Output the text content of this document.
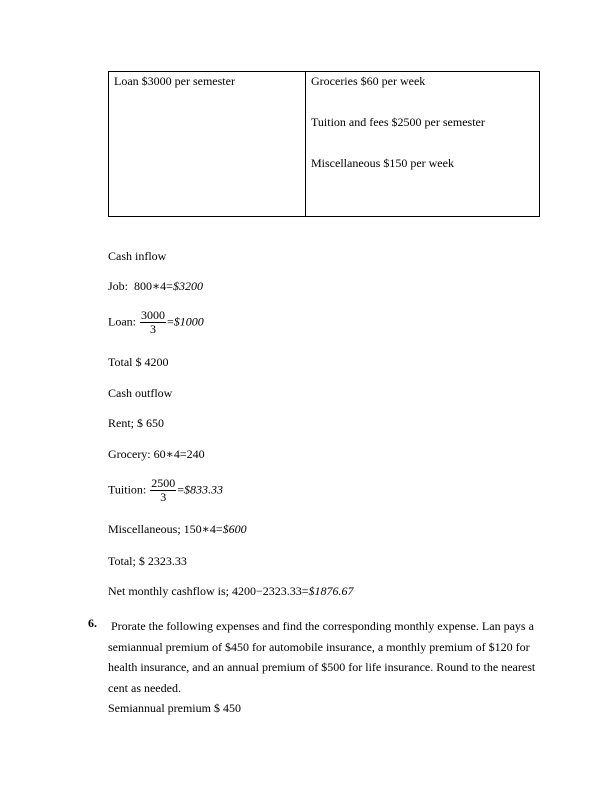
Loan $3000 per semester	Groceries $60 per week
Tuition and fees $2500 per semester
Miscellaneous $150 per week
Cash inflow
Job: 800∗4=$3200
Loan: $\frac{3000}{3}$ =$1000
Total $ 4200
Cash outflow
Rent; $ 650
Grocery: 60∗4=240
Tuition: $\frac{2500}{3}$ =$833.33
Miscellaneous; 150∗4=$600
Total; $ 2323.33
Net monthly cashflow is; 4200−2323.33=$1876.67
6. Prorate the following expenses and find the corresponding monthly expense. Lan pays a semiannual premium of $450 for automobile insurance, a monthly premium of $120 for health insurance, and an annual premium of $500 for life insurance. Round to the nearest cent as needed.
Semiannual premium $ 450
